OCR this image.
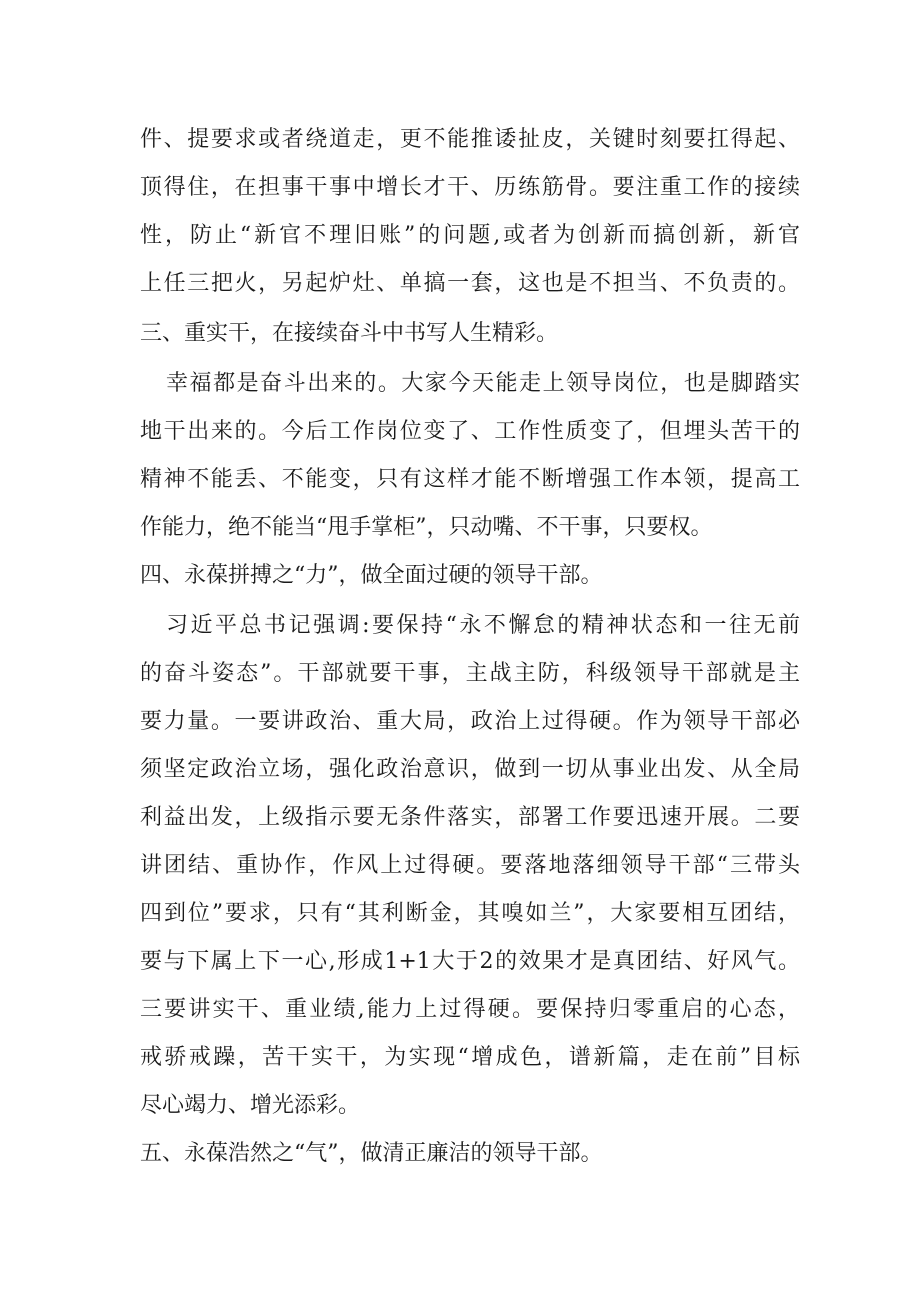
件、提要求或者绕道走，更不能推诿扯皮，关键时刻要扛得起、
顶得住，在担事干事中增长才干、历练筋骨。要注重工作的接续
性，防止“新官不理旧账”的问题,或者为创新而搞创新，新官
上任三把火，另起炉灶、单搞一套，这也是不担当、不负责的。
三、重实干，在接续奋斗中书写人生精彩。
幸福都是奋斗出来的。大家今天能走上领导岗位，也是脚踏实
地干出来的。今后工作岗位变了、工作性质变了，但埋头苦干的
精神不能丢、不能变，只有这样才能不断增强工作本领，提高工
作能力，绝不能当“甩手掌柜”，只动嘴、不干事，只要权。
四、永葆拼搏之“力”，做全面过硬的领导干部。
习近平总书记强调:要保持“永不懈怠的精神状态和一往无前
的奋斗姿态”。干部就要干事，主战主防，科级领导干部就是主
要力量。一要讲政治、重大局，政治上过得硬。作为领导干部必
须坚定政治立场，强化政治意识，做到一切从事业出发、从全局
利益出发，上级指示要无条件落实，部署工作要迅速开展。二要
讲团结、重协作，作风上过得硬。要落地落细领导干部“三带头
四到位”要求，只有“其利断金，其嗅如兰”，大家要相互团结，
要与下属上下一心,形成1+1大于2的效果才是真团结、好风气。
三要讲实干、重业绩,能力上过得硬。要保持归零重启的心态，
戒骄戒躁，苦干实干，为实现“增成色，谱新篇，走在前”目标
尽心竭力、增光添彩。
五、永葆浩然之“气”，做清正廉洁的领导干部。
